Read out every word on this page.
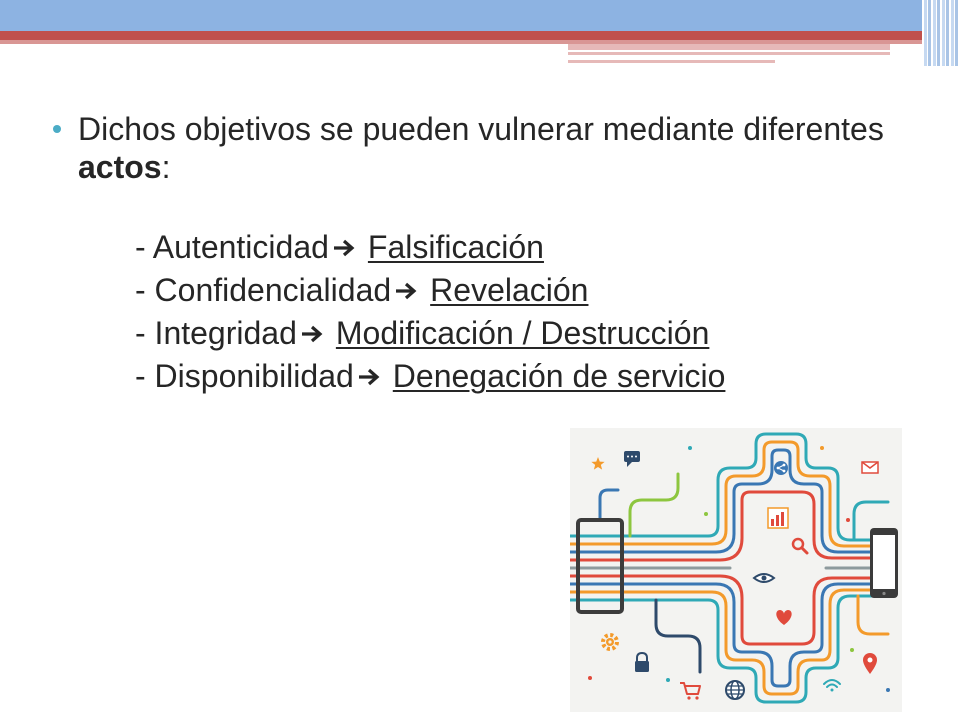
Dichos objetivos se pueden vulnerar mediante diferentes
actos:
- Autenticidad Falsificación
- Confidencialidad Revelación
- Integridad Modificación / Destrucción
- Disponibilidad Denegación de servicio
